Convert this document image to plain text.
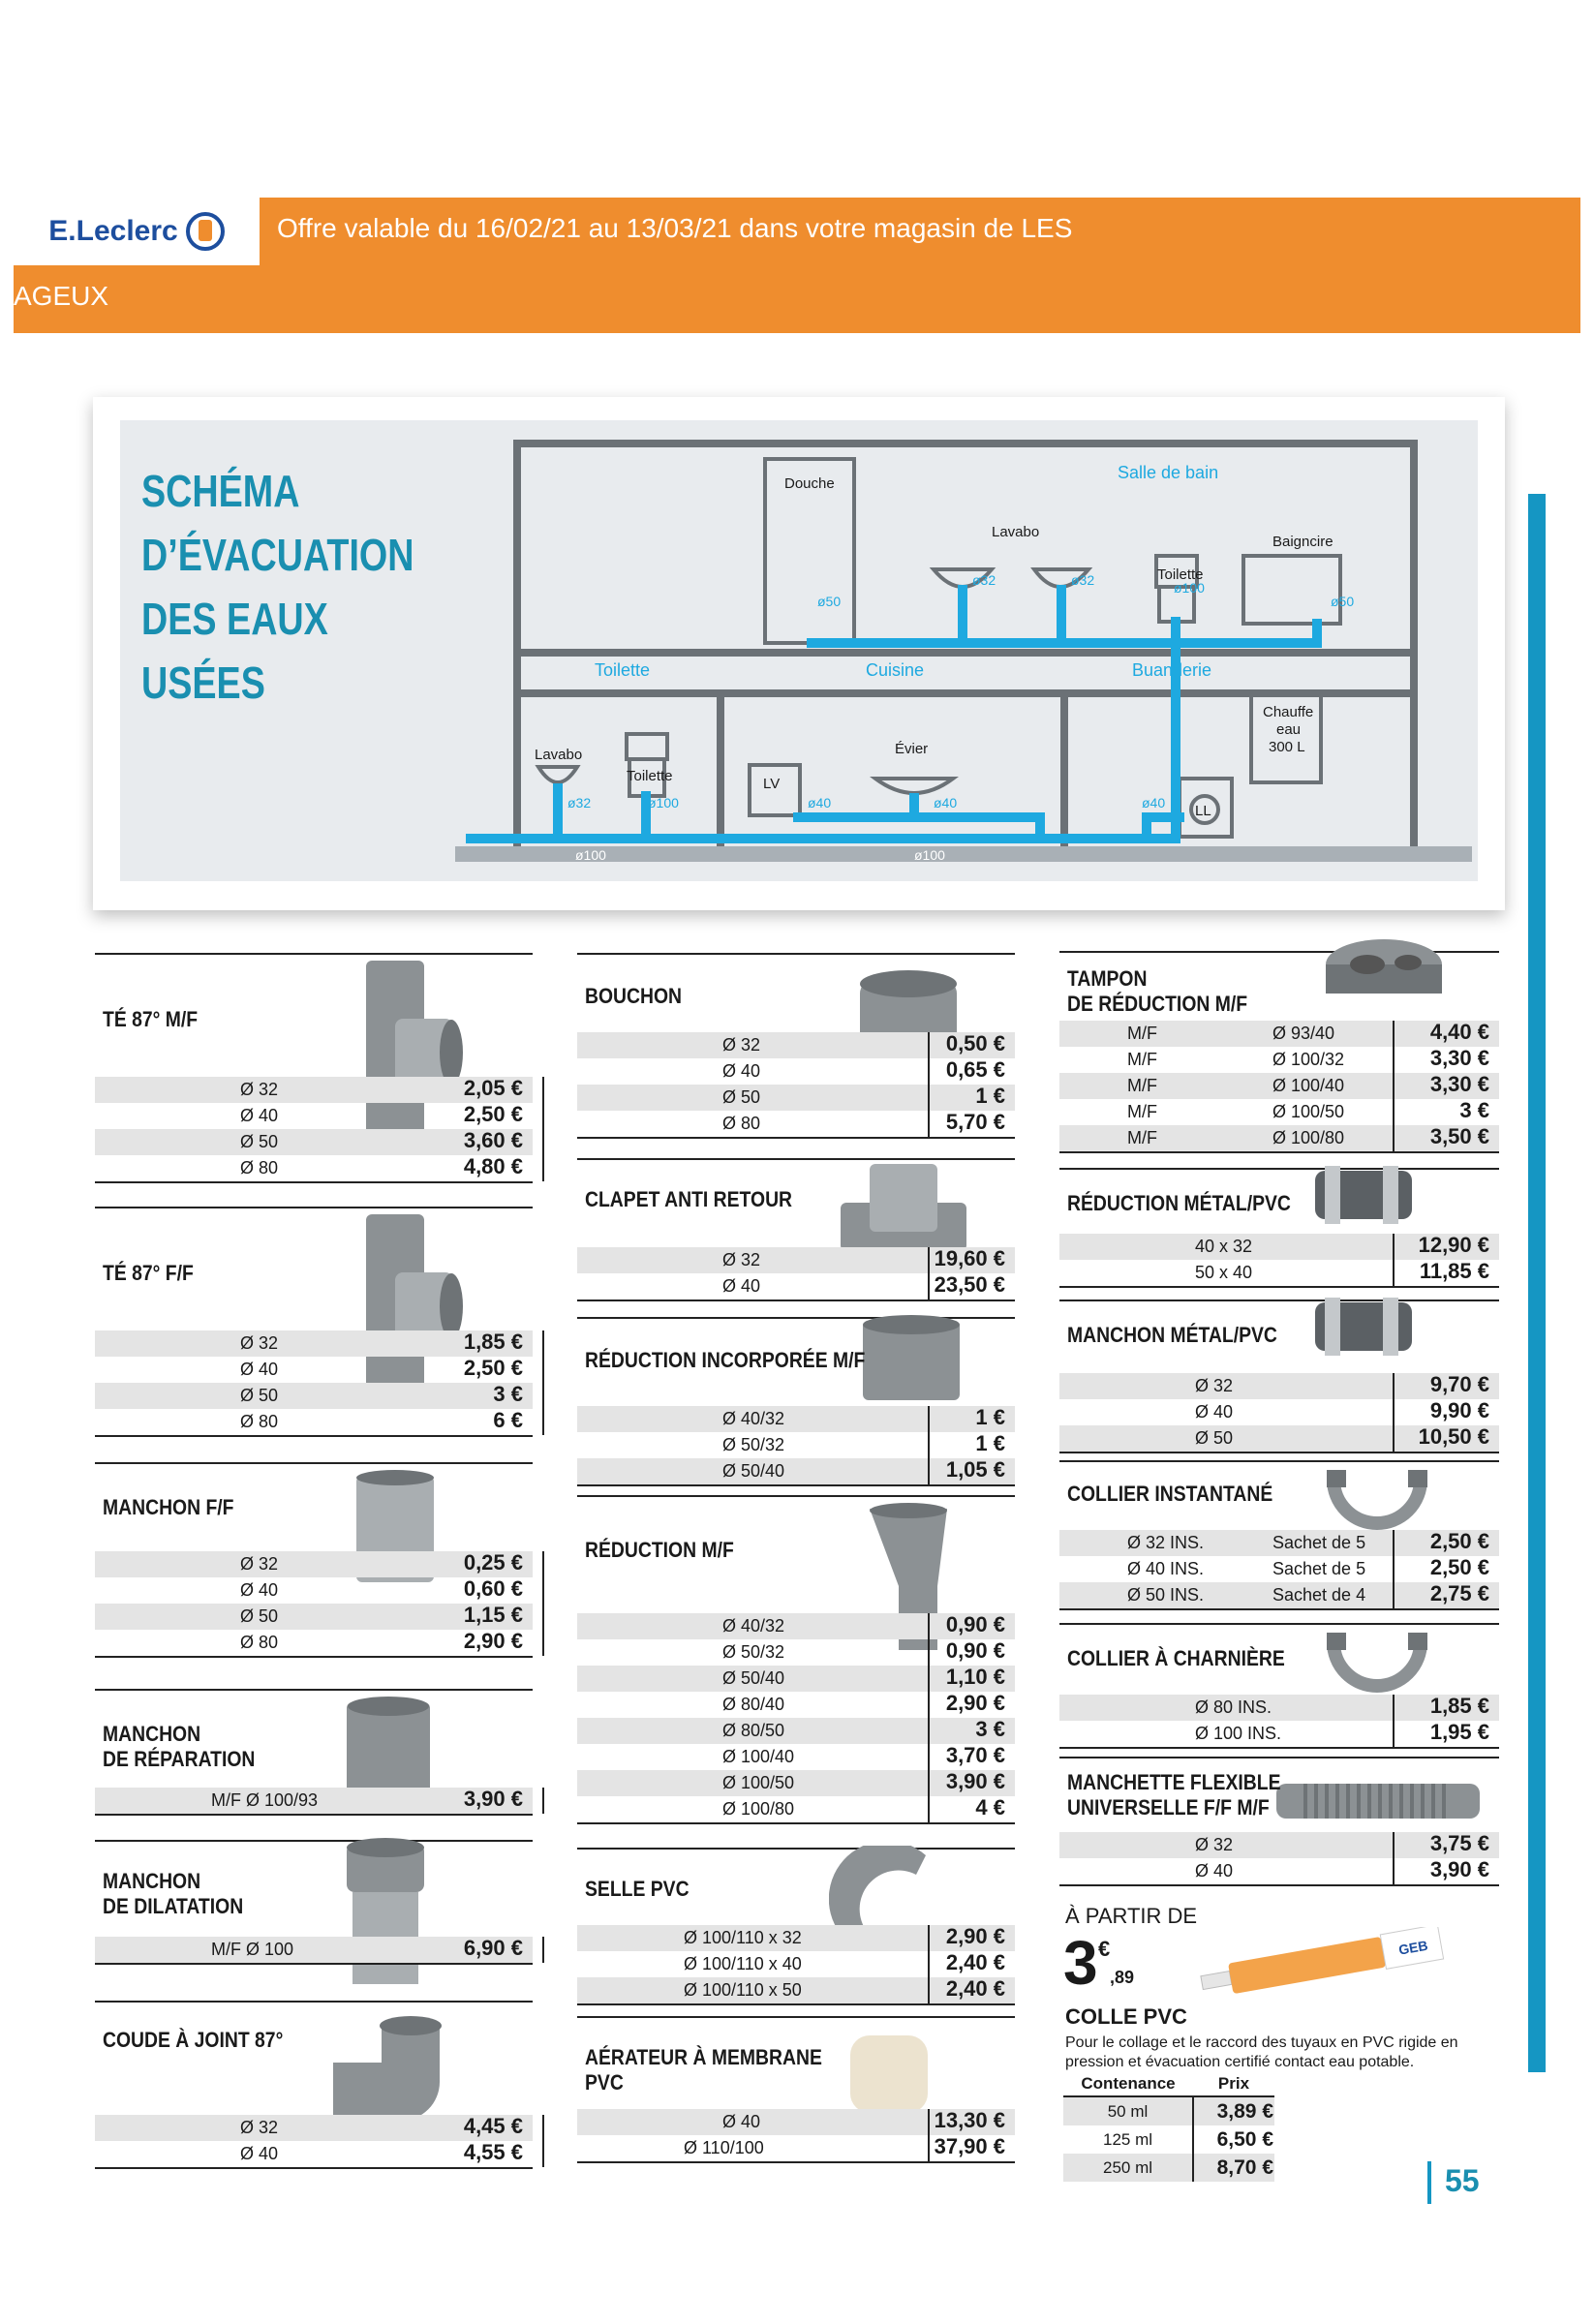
E.Leclerc	Offre valable du 16/02/21 au 13/03/21 dans votre magasin de LES
AGEUX
SCHÉMA
D’ÉVACUATION
DES EAUX
USÉES
Douche
Lavabo
Toilette
Baigncire
Chauffe
eau
300 L
Évier
Lavabo
Toilette	LV
LL
Salle de bain
Toilette	Cuisine	Buanderie
ø50
ø32	ø32	ø100
ø50
ø32	ø100	ø40	ø40	ø40
ø100	ø100
TÉ 87° M/F
Ø 32	2,05 €
Ø 40	2,50 €
Ø 50	3,60 €
Ø 80	4,80 €
TÉ 87° F/F
Ø 32	1,85 €
Ø 40	2,50 €
Ø 50	3 €
Ø 80	6 €
MANCHON F/F
Ø 32	0,25 €
Ø 40	0,60 €
Ø 50	1,15 €
Ø 80	2,90 €
MANCHON
DE RÉPARATION
M/F Ø 100/93	3,90 €
MANCHON
DE DILATATION
M/F Ø 100	6,90 €
COUDE À JOINT 87°
Ø 32	4,45 €
Ø 40	4,55 €
BOUCHON
Ø 32	0,50 €
Ø 40	0,65 €
Ø 50	1 €
Ø 80	5,70 €
CLAPET ANTI RETOUR
Ø 32	19,60 €
Ø 40	23,50 €
RÉDUCTION INCORPORÉE M/F
Ø 40/32	1 €
Ø 50/32	1 €
Ø 50/40	1,05 €
RÉDUCTION M/F
Ø 40/32	0,90 €
Ø 50/32	0,90 €
Ø 50/40	1,10 €
Ø 80/40	2,90 €
Ø 80/50	3 €
Ø 100/40	3,70 €
Ø 100/50	3,90 €
Ø 100/80	4 €
SELLE PVC
Ø 100/110 x 32	2,90 €
Ø 100/110 x 40	2,40 €
Ø 100/110 x 50	2,40 €
AÉRATEUR À MEMBRANE
PVC
Ø 40	13,30 €
Ø 110/100	37,90 €
TAMPON
DE RÉDUCTION M/F
M/F	Ø 93/40	4,40 €
M/F	Ø 100/32	3,30 €
M/F	Ø 100/40	3,30 €
M/F	Ø 100/50	3 €
M/F	Ø 100/80	3,50 €
RÉDUCTION MÉTAL/PVC
40 x 32	12,90 €
50 x 40	11,85 €
MANCHON MÉTAL/PVC
Ø 32	9,70 €
Ø 40	9,90 €
Ø 50	10,50 €
COLLIER INSTANTANÉ
Ø 32 INS.	Sachet de 5	2,50 €
Ø 40 INS.	Sachet de 5	2,50 €
Ø 50 INS.	Sachet de 4	2,75 €
COLLIER À CHARNIÈRE
Ø 80 INS.	1,85 €
Ø 100 INS.	1,95 €
MANCHETTE FLEXIBLE
UNIVERSELLE F/F M/F
Ø 32	3,75 €
Ø 40	3,90 €
À PARTIR DE
3 €
,89
GEB
COLLE PVC
Pour le collage et le raccord des tuyaux en PVC rigide en pression et évacuation certifié contact eau potable.
Contenance	Prix
50 ml	3,89 €
125 ml	6,50 €
250 ml	8,70 €	55
